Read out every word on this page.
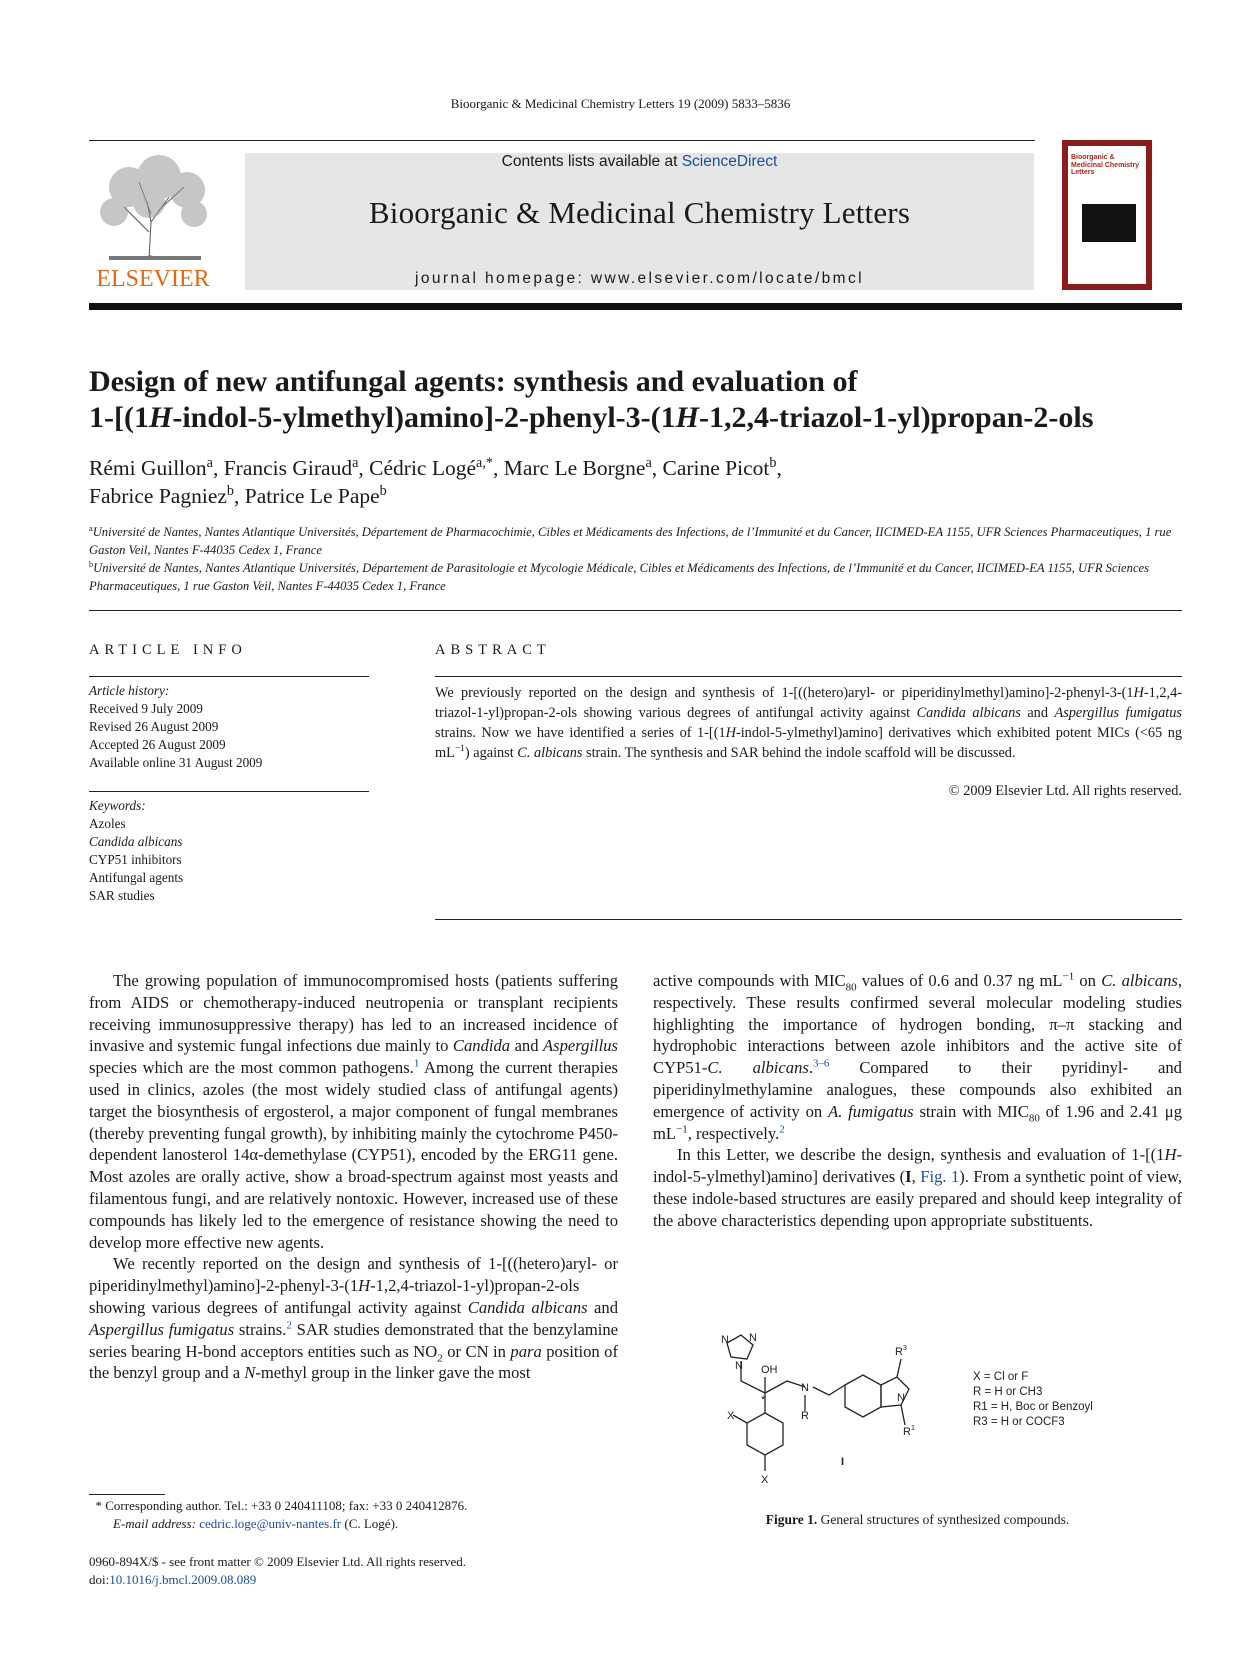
Bioorganic & Medicinal Chemistry Letters 19 (2009) 5833–5836
ELSEVIER
Contents lists available at ScienceDirect
Bioorganic & Medicinal Chemistry Letters
journal homepage: www.elsevier.com/locate/bmcl
Bioorganic & Medicinal Chemistry Letters
Design of new antifungal agents: synthesis and evaluation of
1-[(1H-indol-5-ylmethyl)amino]-2-phenyl-3-(1H-1,2,4-triazol-1-yl)propan-2-ols
Rémi Guillon$^a$, Francis Giraud$^a$, Cédric Logé$^{a,*}$, Marc Le Borgne$^a$, Carine Picot$^b$,
Fabrice Pagniez$^b$, Patrice Le Pape$^b$
$^a$Université de Nantes, Nantes Atlantique Universités, Département de Pharmacochimie, Cibles et Médicaments des Infections, de l’Immunité et du Cancer, IICIMED-EA 1155, UFR Sciences Pharmaceutiques, 1 rue Gaston Veil, Nantes F-44035 Cedex 1, France
$^b$Université de Nantes, Nantes Atlantique Universités, Département de Parasitologie et Mycologie Médicale, Cibles et Médicaments des Infections, de l’Immunité et du Cancer, IICIMED-EA 1155, UFR Sciences Pharmaceutiques, 1 rue Gaston Veil, Nantes F-44035 Cedex 1, France
ARTICLE INFO	ABSTRACT
Article history:
Received 9 July 2009
Revised 26 August 2009
Accepted 26 August 2009
Available online 31 August 2009
Keywords:
Azoles
Candida albicans
CYP51 inhibitors
Antifungal agents
SAR studies
We previously reported on the design and synthesis of 1-[((hetero)aryl- or piperidinylmethyl)amino]-2-phenyl-3-(1H-1,2,4-triazol-1-yl)propan-2-ols showing various degrees of antifungal activity against Candida albicans and Aspergillus fumigatus strains. Now we have identified a series of 1-[(1H-indol-5-ylmethyl)amino] derivatives which exhibited potent MICs (<65 ng $mL^{-1}$) against C. albicans strain. The synthesis and SAR behind the indole scaffold will be discussed.
© 2009 Elsevier Ltd. All rights reserved.

The growing population of immunocompromised hosts (patients suffering from AIDS or chemotherapy-induced neutropenia or transplant recipients receiving immunosuppressive therapy) has led to an increased incidence of invasive and systemic fungal infections due mainly to Candida and Aspergillus species which are the most common pathogens.$^1$ Among the current therapies used in clinics, azoles (the most widely studied class of antifungal agents) target the biosynthesis of ergosterol, a major component of fungal membranes (thereby preventing fungal growth), by inhibiting mainly the cytochrome P450-dependent lanosterol 14α-demethylase (CYP51), encoded by the ERG11 gene. Most azoles are orally active, show a broad-spectrum against most yeasts and filamentous fungi, and are relatively nontoxic. However, increased use of these compounds has likely led to the emergence of resistance showing the need to develop more effective new agents.

We recently reported on the design and synthesis of 1-[((hetero)aryl- or piperidinylmethyl)amino]-2-phenyl-3-(1H-1,2,4-triazol-1-yl)propan-2-ols showing various degrees of antifungal activity against Candida albicans and Aspergillus fumigatus strains.$^2$ SAR studies demonstrated that the benzylamine series bearing H-bond acceptors entities such as $NO_2$ or CN in para position of the benzyl group and a N-methyl group in the linker gave the most

active compounds with $MIC_{80}$ values of 0.6 and 0.37 ng $mL^{-1}$ on C. albicans, respectively. These results confirmed several molecular modeling studies highlighting the importance of hydrogen bonding, π–π stacking and hydrophobic interactions between azole inhibitors and the active site of CYP51-C. albicans.$^{3-6}$ Compared to their pyridinyl- and piperidinylmethylamine analogues, these compounds also exhibited an emergence of activity on A. fumigatus strain with $MIC_{80}$ of 1.96 and 2.41 μg $mL^{-1}$, respectively.$^2$

In this Letter, we describe the design, synthesis and evaluation of 1-[(1H-indol-5-ylmethyl)amino] derivatives (I, Fig. 1). From a synthetic point of view, these indole-based structures are easily prepared and should keep integrality of the above characteristics depending upon appropriate substituents.

N N
N OH
*
N
R
X
X
R 3
N
R 1
I
X = Cl or F
R = H or CH3
R1 = H, Boc or Benzoyl
R3 = H or COCF3
Figure 1. General structures of synthesized compounds.
* Corresponding author. Tel.: +33 0 240411108; fax: +33 0 240412876.
E-mail address: cedric.loge@univ-nantes.fr (C. Logé).
0960-894X/$ - see front matter © 2009 Elsevier Ltd. All rights reserved.
doi:10.1016/j.bmcl.2009.08.089
